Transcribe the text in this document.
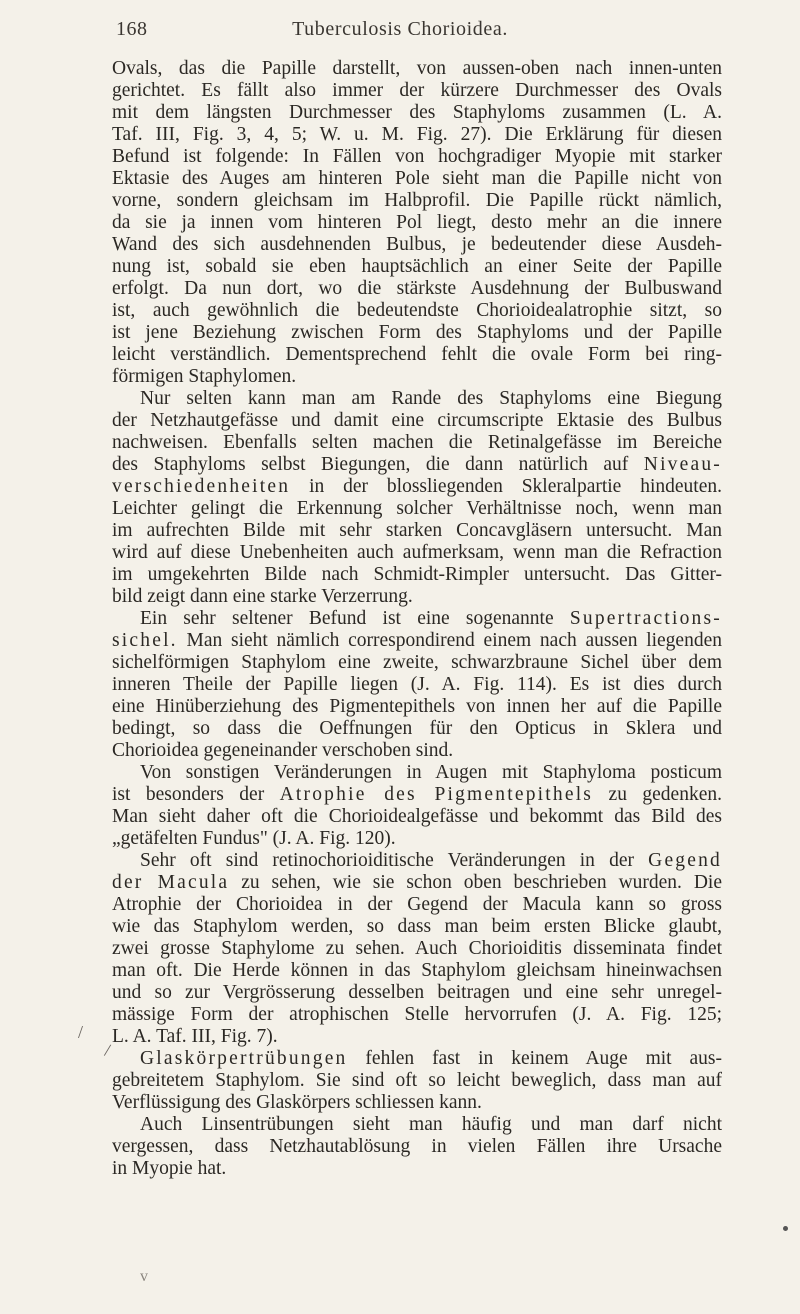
168	Tuberculosis Chorioidea.
Ovals, das die Papille darstellt, von aussen-oben nach innen-unten
gerichtet. Es fällt also immer der kürzere Durchmesser des Ovals
mit dem längsten Durchmesser des Staphyloms zusammen (L. A.
Taf. III, Fig. 3, 4, 5; W. u. M. Fig. 27). Die Erklärung für diesen
Befund ist folgende: In Fällen von hochgradiger Myopie mit starker
Ektasie des Auges am hinteren Pole sieht man die Papille nicht von
vorne, sondern gleichsam im Halbprofil. Die Papille rückt nämlich,
da sie ja innen vom hinteren Pol liegt, desto mehr an die innere
Wand des sich ausdehnenden Bulbus, je bedeutender diese Ausdeh-
nung ist, sobald sie eben hauptsächlich an einer Seite der Papille
erfolgt. Da nun dort, wo die stärkste Ausdehnung der Bulbuswand
ist, auch gewöhnlich die bedeutendste Chorioidealatrophie sitzt, so
ist jene Beziehung zwischen Form des Staphyloms und der Papille
leicht verständlich. Dementsprechend fehlt die ovale Form bei ring-
förmigen Staphylomen.
Nur selten kann man am Rande des Staphyloms eine Biegung
der Netzhautgefässe und damit eine circumscripte Ektasie des Bulbus
nachweisen. Ebenfalls selten machen die Retinalgefässe im Bereiche
des Staphyloms selbst Biegungen, die dann natürlich auf Niveau-
verschiedenheiten in der blossliegenden Skleralpartie hindeuten.
Leichter gelingt die Erkennung solcher Verhältnisse noch, wenn man
im aufrechten Bilde mit sehr starken Concavgläsern untersucht. Man
wird auf diese Unebenheiten auch aufmerksam, wenn man die Refraction
im umgekehrten Bilde nach Schmidt-Rimpler untersucht. Das Gitter-
bild zeigt dann eine starke Verzerrung.
Ein sehr seltener Befund ist eine sogenannte Supertractions-
sichel. Man sieht nämlich correspondirend einem nach aussen liegenden
sichelförmigen Staphylom eine zweite, schwarzbraune Sichel über dem
inneren Theile der Papille liegen (J. A. Fig. 114). Es ist dies durch
eine Hinüberziehung des Pigmentepithels von innen her auf die Papille
bedingt, so dass die Oeffnungen für den Opticus in Sklera und
Chorioidea gegeneinander verschoben sind.
Von sonstigen Veränderungen in Augen mit Staphyloma posticum
ist besonders der Atrophie des Pigmentepithels zu gedenken.
Man sieht daher oft die Chorioidealgefässe und bekommt das Bild des
„getäfelten Fundus" (J. A. Fig. 120).
Sehr oft sind retinochorioiditische Veränderungen in der Gegend
der Macula zu sehen, wie sie schon oben beschrieben wurden. Die
Atrophie der Chorioidea in der Gegend der Macula kann so gross
wie das Staphylom werden, so dass man beim ersten Blicke glaubt,
zwei grosse Staphylome zu sehen. Auch Chorioiditis disseminata findet
man oft. Die Herde können in das Staphylom gleichsam hineinwachsen
und so zur Vergrösserung desselben beitragen und eine sehr unregel-
mässige Form der atrophischen Stelle hervorrufen (J. A. Fig. 125;
L. A. Taf. III, Fig. 7).
Glaskörpertrübungen fehlen fast in keinem Auge mit aus-
gebreitetem Staphylom. Sie sind oft so leicht beweglich, dass man auf
Verflüssigung des Glaskörpers schliessen kann.
Auch Linsentrübungen sieht man häufig und man darf nicht
vergessen, dass Netzhautablösung in vielen Fällen ihre Ursache
in Myopie hat.
/
/
v
